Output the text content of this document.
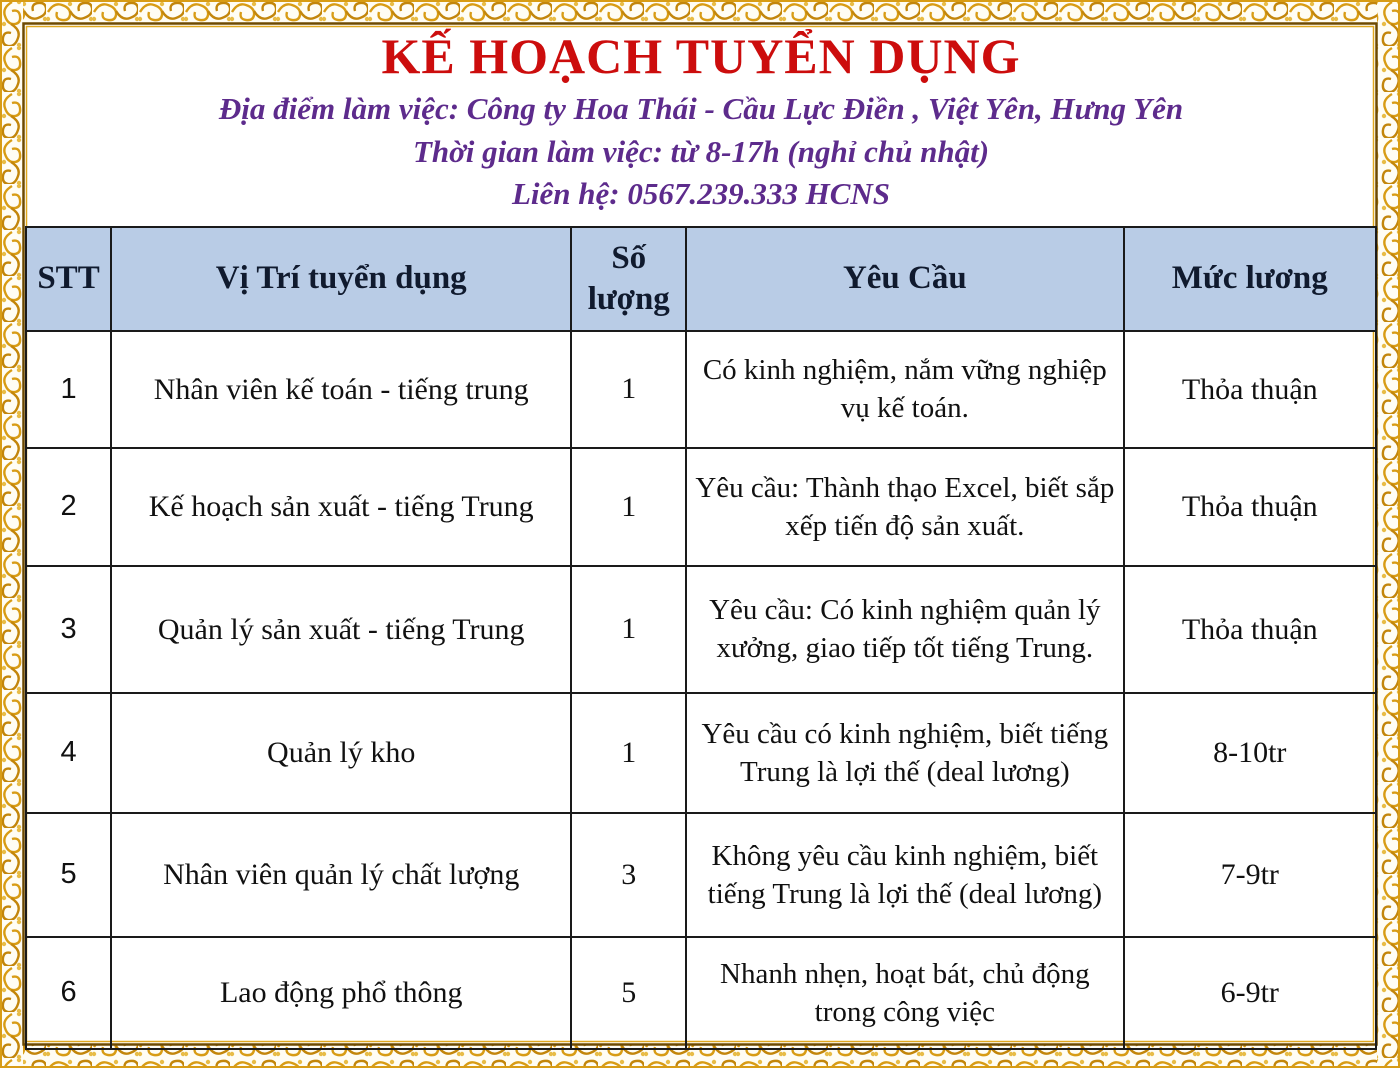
KẾ HOẠCH TUYỂN DỤNG
Địa điểm làm việc: Công ty Hoa Thái - Cầu Lực Điền , Việt Yên, Hưng Yên
Thời gian làm việc: từ 8-17h (nghỉ chủ nhật)
Liên hệ: 0567.239.333 HCNS
STT	Vị Trí tuyển dụng	Số lượng	Yêu Cầu	Mức lương
1	Nhân viên kế toán - tiếng trung	1	Có kinh nghiệm, nắm vững nghiệp vụ kế toán.	Thỏa thuận
2	Kế hoạch sản xuất - tiếng Trung	1	Yêu cầu: Thành thạo Excel, biết sắp xếp tiến độ sản xuất.	Thỏa thuận
3	Quản lý sản xuất - tiếng Trung	1	Yêu cầu: Có kinh nghiệm quản lý xưởng, giao tiếp tốt tiếng Trung.	Thỏa thuận
4	Quản lý kho	1	Yêu cầu có kinh nghiệm, biết tiếng Trung là lợi thế (deal lương)	8-10tr
5	Nhân viên quản lý chất lượng	3	Không yêu cầu kinh nghiệm, biết tiếng Trung là lợi thế (deal lương)	7-9tr
6	Lao động phổ thông	5	Nhanh nhẹn, hoạt bát, chủ động trong công việc	6-9tr
